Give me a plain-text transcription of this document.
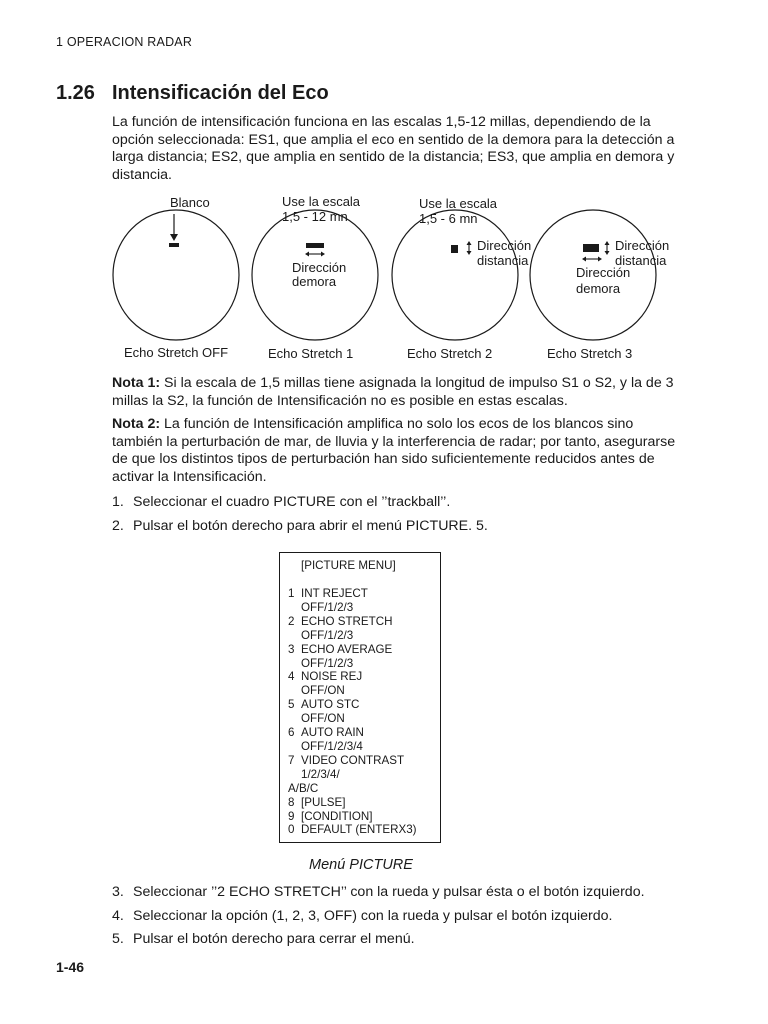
1 OPERACION RADAR
1.26 Intensificación del Eco
La función de intensificación funciona en las escalas 1,5-12 millas, dependiendo de la opción seleccionada: ES1, que amplia el eco en sentido de la demora para la detección a larga distancia; ES2, que amplia en sentido de la distancia; ES3, que amplia en demora y distancia.
Blanco	Use la escala
1,5 - 12 mn
Dirección
demora
Use la escala
1,5 - 6 mn
Dirección
distancia
Dirección
distancia
Dirección
demora
Echo Stretch OFF	Echo Stretch 1	Echo Stretch 2	Echo Stretch 3
Nota 1: Si la escala de 1,5 millas tiene asignada la longitud de impulso S1 o S2, y la de 3 millas la S2, la función de Intensificación no es posible en estas escalas.
Nota 2: La función de Intensificación amplifica no solo los ecos de los blancos sino también la perturbación de mar, de lluvia y la interferencia de radar; por tanto, asegurarse de que los distintos tipos de perturbación han sido suficientemente reducidos antes de activar la Intensificación.
1. Seleccionar el cuadro PICTURE con el ’’trackball’’.
2. Pulsar el botón derecho para abrir el menú PICTURE. 5.
[PICTURE MENU]
1 INT REJECT
OFF/1/2/3
2 ECHO STRETCH
OFF/1/2/3
3 ECHO AVERAGE
OFF/1/2/3
4 NOISE REJ
OFF/ON
5 AUTO STC
OFF/ON
6 AUTO RAIN
OFF/1/2/3/4
7 VIDEO CONTRAST
1/2/3/4/
A/B/C
8 [PULSE]
9 [CONDITION]
0 DEFAULT (ENTERX3)
Menú PICTURE
3. Seleccionar ’’2 ECHO STRETCH’’ con la rueda y pulsar ésta o el botón izquierdo.
4. Seleccionar la opción (1, 2, 3, OFF) con la rueda y pulsar el botón izquierdo.
5. Pulsar el botón derecho para cerrar el menú.
1-46
